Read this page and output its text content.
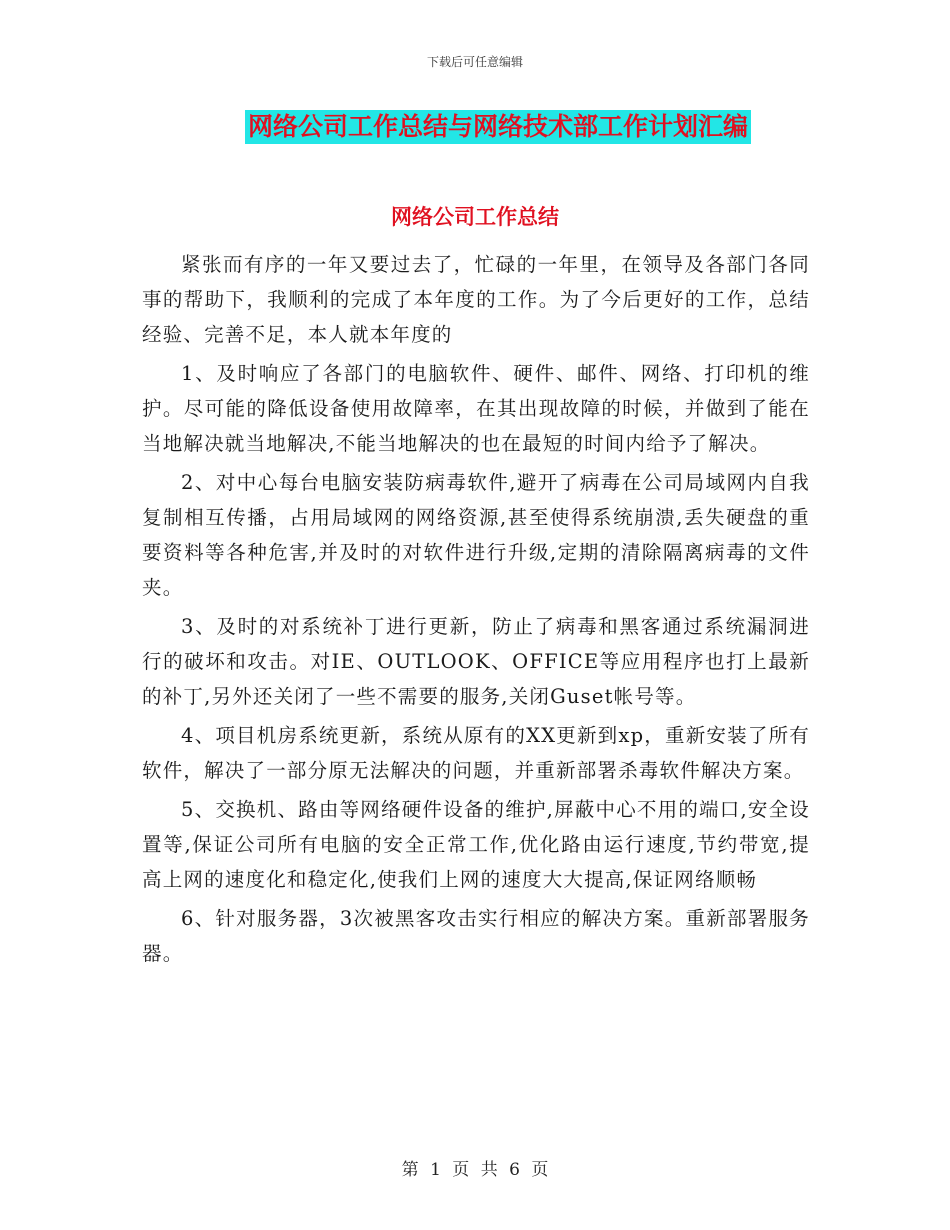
下载后可任意编辑
网络公司工作总结与网络技术部工作计划汇编
网络公司工作总结

紧张而有序的一年又要过去了，忙碌的一年里，在领导及各部门各同事的帮助下，我顺利的完成了本年度的工作。为了今后更好的工作，总结经验、完善不足，本人就本年度的

1、及时响应了各部门的电脑软件、硬件、邮件、网络、打印机的维护。尽可能的降低设备使用故障率，在其出现故障的时候，并做到了能在当地解决就当地解决,不能当地解决的也在最短的时间内给予了解决。

2、对中心每台电脑安装防病毒软件,避开了病毒在公司局域网内自我复制相互传播，占用局域网的网络资源,甚至使得系统崩溃,丢失硬盘的重要资料等各种危害,并及时的对软件进行升级,定期的清除隔离病毒的文件夹。

3、及时的对系统补丁进行更新，防止了病毒和黑客通过系统漏洞进行的破坏和攻击。对IE、OUTLOOK、OFFICE等应用程序也打上最新的补丁,另外还关闭了一些不需要的服务,关闭Guset帐号等。

4、项目机房系统更新，系统从原有的XX更新到xp，重新安装了所有软件，解决了一部分原无法解决的问题，并重新部署杀毒软件解决方案。

5、交换机、路由等网络硬件设备的维护,屏蔽中心不用的端口,安全设置等,保证公司所有电脑的安全正常工作,优化路由运行速度,节约带宽,提高上网的速度化和稳定化,使我们上网的速度大大提高,保证网络顺畅

6、针对服务器，3次被黑客攻击实行相应的解决方案。重新部署服务器。

第 1 页 共 6 页
